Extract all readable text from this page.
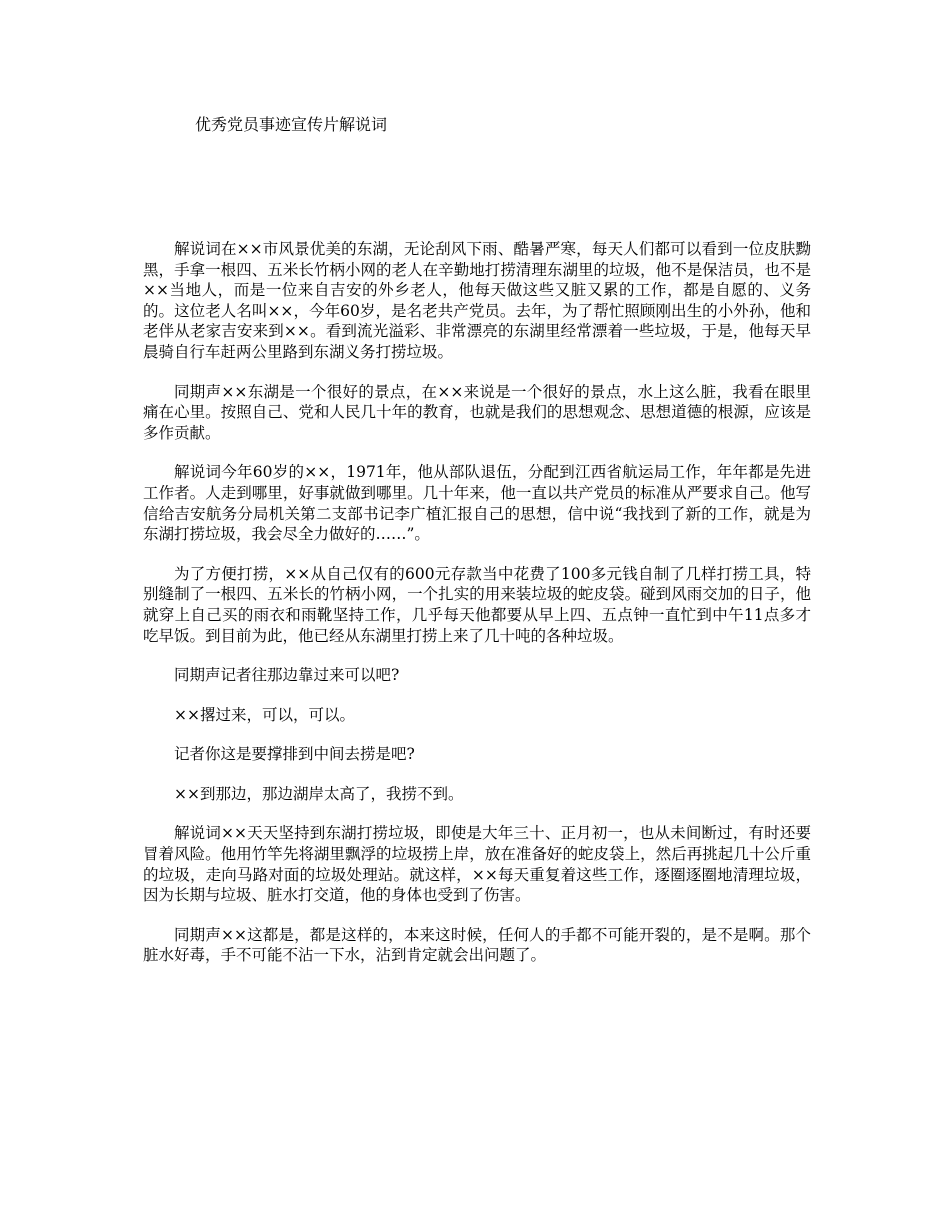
优秀党员事迹宣传片解说词

解说词在××市风景优美的东湖，无论刮风下雨、酷暑严寒，每天人们都可以看到一位皮肤黝黑，手拿一根四、五米长竹柄小网的老人在辛勤地打捞清理东湖里的垃圾，他不是保洁员，也不是××当地人，而是一位来自吉安的外乡老人，他每天做这些又脏又累的工作，都是自愿的、义务的。这位老人名叫××，今年60岁，是名老共产党员。去年，为了帮忙照顾刚出生的小外孙，他和老伴从老家吉安来到××。看到流光溢彩、非常漂亮的东湖里经常漂着一些垃圾，于是，他每天早晨骑自行车赶两公里路到东湖义务打捞垃圾。

同期声××东湖是一个很好的景点，在××来说是一个很好的景点，水上这么脏，我看在眼里痛在心里。按照自己、党和人民几十年的教育，也就是我们的思想观念、思想道德的根源，应该是多作贡献。

解说词今年60岁的××，1971年，他从部队退伍，分配到江西省航运局工作，年年都是先进工作者。人走到哪里，好事就做到哪里。几十年来，他一直以共产党员的标准从严要求自己。他写信给吉安航务分局机关第二支部书记李广植汇报自己的思想，信中说“我找到了新的工作，就是为东湖打捞垃圾，我会尽全力做好的……”。

为了方便打捞，××从自己仅有的600元存款当中花费了100多元钱自制了几样打捞工具，特别缝制了一根四、五米长的竹柄小网，一个扎实的用来装垃圾的蛇皮袋。碰到风雨交加的日子，他就穿上自己买的雨衣和雨靴坚持工作，几乎每天他都要从早上四、五点钟一直忙到中午11点多才吃早饭。到目前为此，他已经从东湖里打捞上来了几十吨的各种垃圾。

同期声记者往那边靠过来可以吧?

××撂过来，可以，可以。

记者你这是要撑排到中间去捞是吧?

××到那边，那边湖岸太高了，我捞不到。

解说词××天天坚持到东湖打捞垃圾，即使是大年三十、正月初一，也从未间断过，有时还要冒着风险。他用竹竿先将湖里飘浮的垃圾捞上岸，放在准备好的蛇皮袋上，然后再挑起几十公斤重的垃圾，走向马路对面的垃圾处理站。就这样，××每天重复着这些工作，逐圈逐圈地清理垃圾，因为长期与垃圾、脏水打交道，他的身体也受到了伤害。

同期声××这都是，都是这样的，本来这时候，任何人的手都不可能开裂的，是不是啊。那个脏水好毒，手不可能不沾一下水，沾到肯定就会出问题了。
